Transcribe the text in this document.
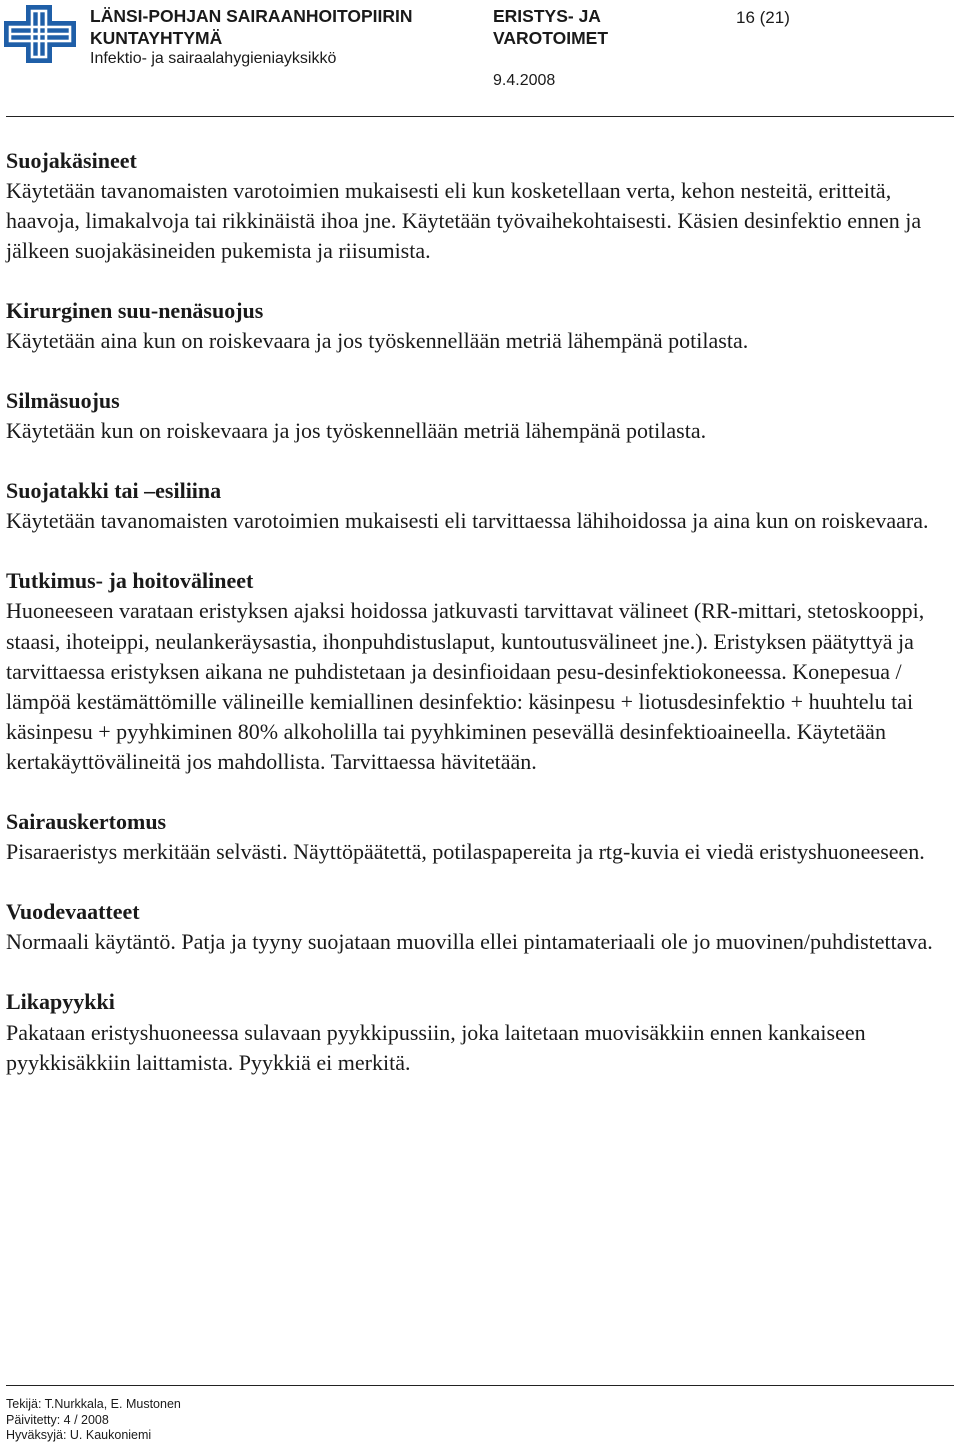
LÄNSI-POHJAN SAIRAANHOITOPIIRIN
KUNTAYHTYMÄ
Infektio- ja sairaalahygieniayksikkö
ERISTYS- JA
VAROTOIMET
9.4.2008
16 (21)
Suojakäsineet

Käytetään tavanomaisten varotoimien mukaisesti eli kun kosketellaan verta, kehon nesteitä, eritteitä, haavoja, limakalvoja tai rikkinäistä ihoa jne. Käytetään työvaihekohtaisesti. Käsien desinfektio ennen ja jälkeen suojakäsineiden pukemista ja riisumista.

Kirurginen suu-nenäsuojus

Käytetään aina kun on roiskevaara ja jos työskennellään metriä lähempänä potilasta.

Silmäsuojus

Käytetään kun on roiskevaara ja jos työskennellään metriä lähempänä potilasta.

Suojatakki tai –esiliina

Käytetään tavanomaisten varotoimien mukaisesti eli tarvittaessa lähihoidossa ja aina kun on roiskevaara.

Tutkimus- ja hoitovälineet

Huoneeseen varataan eristyksen ajaksi hoidossa jatkuvasti tarvittavat välineet (RR-mittari, stetoskooppi, staasi, ihoteippi, neulankeräysastia, ihonpuhdistuslaput, kuntoutusvälineet jne.). Eristyksen päätyttyä ja tarvittaessa eristyksen aikana ne puhdistetaan ja desinfioidaan pesu-desinfektiokoneessa. Konepesua / lämpöä kestämättömille välineille kemiallinen desinfektio: käsinpesu + liotusdesinfektio + huuhtelu tai käsinpesu + pyyhkiminen 80% alkoholilla tai pyyhkiminen pesevällä desinfektioaineella. Käytetään kertakäyttövälineitä jos mahdollista. Tarvittaessa hävitetään.

Sairauskertomus

Pisaraeristys merkitään selvästi. Näyttöpäätettä, potilaspapereita ja rtg-kuvia ei viedä eristyshuoneeseen.

Vuodevaatteet

Normaali käytäntö. Patja ja tyyny suojataan muovilla ellei pintamateriaali ole jo muovinen/puhdistettava.

Likapyykki

Pakataan eristyshuoneessa sulavaan pyykkipussiin, joka laitetaan muovisäkkiin ennen kankaiseen pyykkisäkkiin laittamista. Pyykkiä ei merkitä.

Tekijä: T.Nurkkala, E. Mustonen
Päivitetty: 4 / 2008
Hyväksyjä: U. Kaukoniemi
